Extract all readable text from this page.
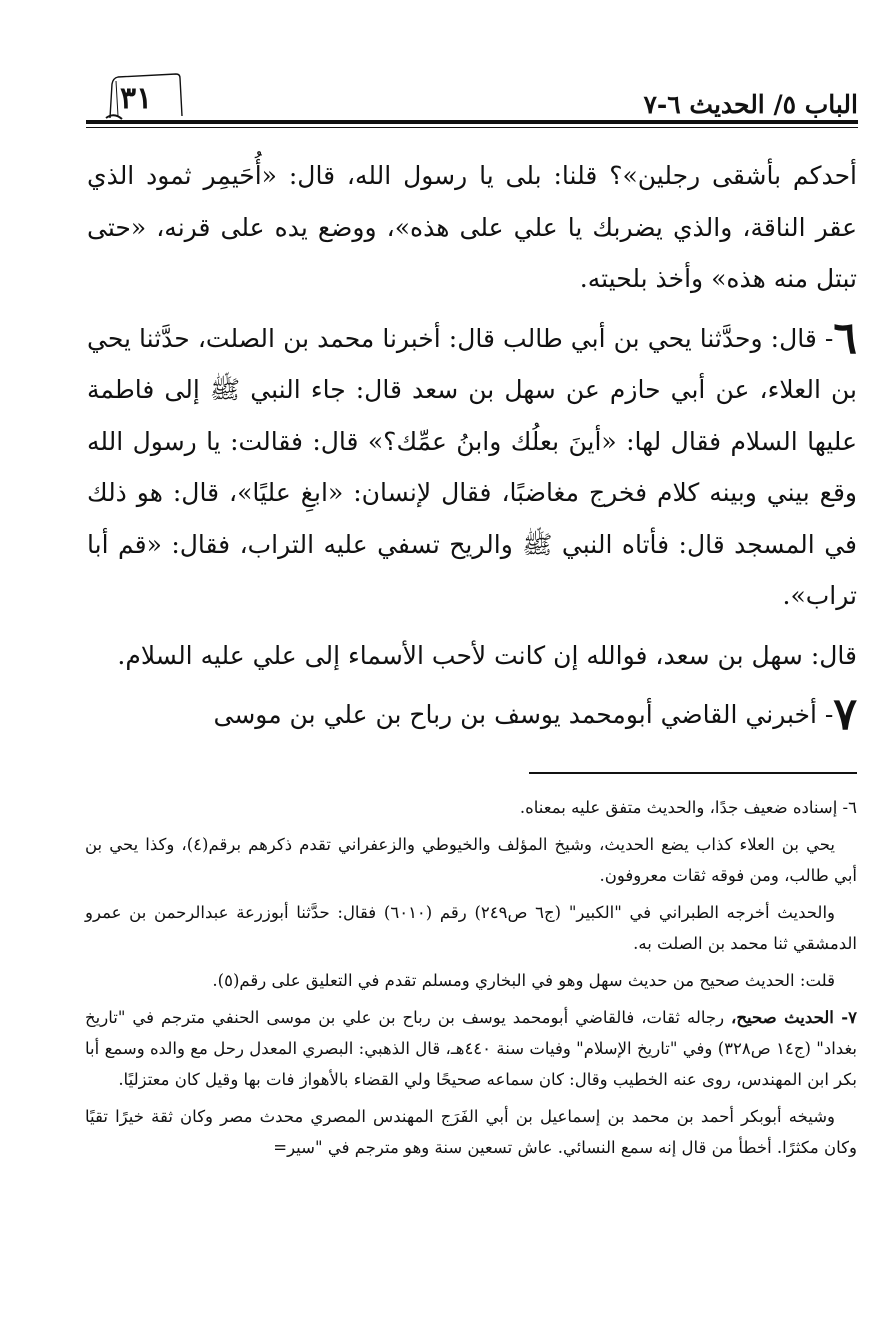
الباب ٥/ الحديث ٦-٧
٣١

أحدكم بأشقى رجلين»؟ قلنا: بلى يا رسول الله، قال: «أُحَيمِر ثمود الذي عقر الناقة، والذي يضربك يا علي على هذه»، ووضع يده على قرنه، «حتى تبتل منه هذه» وأخذ بلحيته.

٦- قال: وحدَّثنا يحي بن أبي طالب قال: أخبرنا محمد بن الصلت، حدَّثنا يحي بن العلاء، عن أبي حازم عن سهل بن سعد قال: جاء النبي ﷺ إلى فاطمة عليها السلام فقال لها: «أينَ بعلُك وابنُ عمِّك؟» قال: فقالت: يا رسول الله وقع بيني وبينه كلام فخرج مغاضبًا، فقال لإنسان: «ابغِ عليًا»، قال: هو ذلك في المسجد قال: فأتاه النبي ﷺ والريح تسفي عليه التراب، فقال: «قم أبا تراب».

قال: سهل بن سعد، فوالله إن كانت لأحب الأسماء إلى علي عليه السلام.

٧- أخبرني القاضي أبومحمد يوسف بن رباح بن علي بن موسى

٦- إسناده ضعيف جدًا، والحديث متفق عليه بمعناه.

يحي بن العلاء كذاب يضع الحديث، وشيخ المؤلف والخيوطي والزعفراني تقدم ذكرهم برقم(٤)، وكذا يحي بن أبي طالب، ومن فوقه ثقات معروفون.

والحديث أخرجه الطبراني في "الكبير" (ج٦ ص٢٤٩) رقم (٦٠١٠) فقال: حدَّثنا أبوزرعة عبدالرحمن بن عمرو الدمشقي ثنا محمد بن الصلت به.

قلت: الحديث صحيح من حديث سهل وهو في البخاري ومسلم تقدم في التعليق على رقم(٥).

٧- الحديث صحيح، رجاله ثقات، فالقاضي أبومحمد يوسف بن رباح بن علي بن موسى الحنفي مترجم في "تاريخ بغداد" (ج١٤ ص٣٢٨) وفي "تاريخ الإسلام" وفيات سنة ٤٤٠هـ، قال الذهبي: البصري المعدل رحل مع والده وسمع أبا بكر ابن المهندس، روى عنه الخطيب وقال: كان سماعه صحيحًا ولي القضاء بالأهواز فات بها وقيل كان معتزليًا.

وشيخه أبوبكر أحمد بن محمد بن إسماعيل بن أبي الفَرَج المهندس المصري محدث مصر وكان ثقة خيرًا تقيًا وكان مكثرًا. أخطأ من قال إنه سمع النسائي. عاش تسعين سنة وهو مترجم في "سير=
